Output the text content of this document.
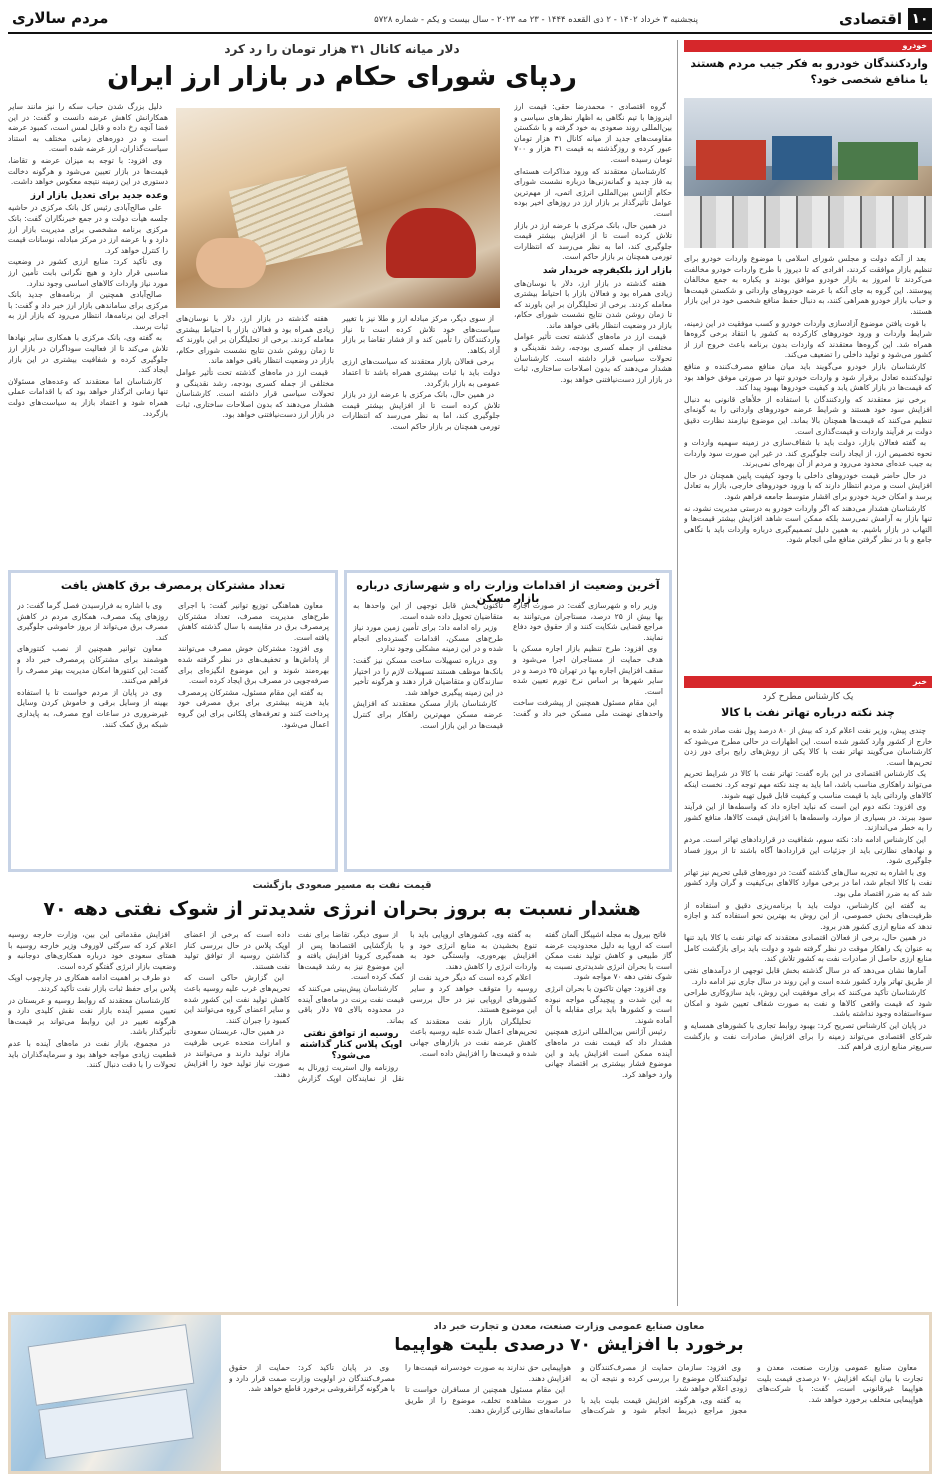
۱۰
اقتصادی
پنجشنبه ۳ خرداد ۱۴۰۲ - ۲ ذی القعده ۱۴۴۴ - ۲۳ مه ۲۰۲۳ - سال بیست و یکم - شماره ۵۷۲۸
مردم سالاری
خودرو
واردکنندگان خودرو به فکر جیب مردم هستند یا منافع شخصی خود؟

بعد از آنکه دولت و مجلس شورای اسلامی با موضوع واردات خودرو برای تنظیم بازار موافقت کردند، افرادی که تا دیروز با طرح واردات خودرو مخالفت می‌کردند تا امروز به بازار خودرو موافق بودند و یکباره به جمع مخالفان پیوستند. این گروه به جای آنکه با عرضه خودروهای وارداتی و شکستن قیمت‌ها و حباب بازار خودرو همراهی کنند، به دنبال حفظ منافع شخصی خود در این بازار هستند.

با قوت یافتن موضوع آزادسازی واردات خودرو و کسب موفقیت در این زمینه، شرایط واردات و ورود خودروهای کارکرده به کشور با انتقاد برخی گروه‌ها همراه شد. این گروه‌ها معتقدند که واردات بدون برنامه باعث خروج ارز از کشور می‌شود و تولید داخلی را تضعیف می‌کند.

کارشناسان بازار خودرو می‌گویند باید میان منافع مصرف‌کننده و منافع تولیدکننده تعادل برقرار شود و واردات خودرو تنها در صورتی موفق خواهد بود که قیمت‌ها در بازار کاهش یابد و کیفیت خودروها بهبود پیدا کند.

برخی نیز معتقدند که واردکنندگان با استفاده از خلأهای قانونی به دنبال افزایش سود خود هستند و شرایط عرضه خودروهای وارداتی را به گونه‌ای تنظیم می‌کنند که قیمت‌ها همچنان بالا بماند. این موضوع نیازمند نظارت دقیق دولت بر فرآیند واردات و قیمت‌گذاری است.

به گفته فعالان بازار، دولت باید با شفاف‌سازی در زمینه سهمیه واردات و نحوه تخصیص ارز، از ایجاد رانت جلوگیری کند. در غیر این صورت سود واردات به جیب عده‌ای محدود می‌رود و مردم از آن بهره‌ای نمی‌برند.

در حال حاضر قیمت خودروهای داخلی با وجود کیفیت پایین همچنان در حال افزایش است و مردم انتظار دارند که با ورود خودروهای خارجی، بازار به تعادل برسد و امکان خرید خودرو برای اقشار متوسط جامعه فراهم شود.

کارشناسان هشدار می‌دهند که اگر واردات خودرو به درستی مدیریت نشود، نه تنها بازار به آرامش نمی‌رسد بلکه ممکن است شاهد افزایش بیشتر قیمت‌ها و التهاب در بازار باشیم. به همین دلیل تصمیم‌گیری درباره واردات باید با نگاهی جامع و با در نظر گرفتن منافع ملی انجام شود.

خبر
یک کارشناس مطرح کرد
چند نکته درباره تهاتر نفت با کالا

چندی پیش، وزیر نفت اعلام کرد که بیش از ۸۰ درصد پول نفت صادر شده به خارج از کشور وارد کشور شده است. این اظهارات در حالی مطرح می‌شود که کارشناسان می‌گویند تهاتر نفت با کالا یکی از روش‌های رایج برای دور زدن تحریم‌ها است.

یک کارشناس اقتصادی در این باره گفت: تهاتر نفت با کالا در شرایط تحریم می‌تواند راهکاری مناسب باشد، اما باید به چند نکته مهم توجه کرد. نخست اینکه کالاهای وارداتی باید با قیمت مناسب و کیفیت قابل قبول تهیه شوند.

وی افزود: نکته دوم این است که نباید اجازه داد که واسطه‌ها از این فرآیند سود ببرند. در بسیاری از موارد، واسطه‌ها با افزایش قیمت کالاها، منافع کشور را به خطر می‌اندازند.

این کارشناس ادامه داد: نکته سوم، شفافیت در قراردادهای تهاتر است. مردم و نهادهای نظارتی باید از جزئیات این قراردادها آگاه باشند تا از بروز فساد جلوگیری شود.

وی با اشاره به تجربه سال‌های گذشته گفت: در دوره‌های قبلی تحریم نیز تهاتر نفت با کالا انجام شد، اما در برخی موارد کالاهای بی‌کیفیت و گران وارد کشور شد که به ضرر اقتصاد ملی بود.

به گفته این کارشناس، دولت باید با برنامه‌ریزی دقیق و استفاده از ظرفیت‌های بخش خصوصی، از این روش به بهترین نحو استفاده کند و اجازه ندهد که منابع ارزی کشور هدر برود.

در همین حال، برخی از فعالان اقتصادی معتقدند که تهاتر نفت با کالا باید تنها به عنوان یک راهکار موقت در نظر گرفته شود و دولت باید برای بازگشت کامل منابع ارزی حاصل از صادرات نفت به کشور تلاش کند.

آمارها نشان می‌دهد که در سال گذشته بخش قابل توجهی از درآمدهای نفتی از طریق تهاتر وارد کشور شده است و این روند در سال جاری نیز ادامه دارد.

کارشناسان تأکید می‌کنند که برای موفقیت این روش، باید سازوکاری طراحی شود که قیمت واقعی کالاها و نفت به صورت شفاف تعیین شود و امکان سوءاستفاده وجود نداشته باشد.

در پایان این کارشناس تصریح کرد: بهبود روابط تجاری با کشورهای همسایه و شرکای اقتصادی می‌تواند زمینه را برای افزایش صادرات نفت و بازگشت سریع‌تر منابع ارزی فراهم کند.

دلار میانه کانال ۳۱ هزار تومان را رد کرد
ردپای شورای حکام در بازار ارز ایران

گروه اقتصادی - محمدرضا حقی: قیمت ارز اینروزها با تیم نگاهی به اظهار نظرهای سیاسی و بین‌المللی روند صعودی به خود گرفته و با شکستن مقاومت‌های جدید از میانه کانال ۳۱ هزار تومان عبور کرده و روزگذشته به قیمت ۳۱ هزار و ۷۰۰ تومان رسیده است.

کارشناسان معتقدند که ورود مذاکرات هسته‌ای به فاز جدید و گمانه‌زنی‌ها درباره نشست شورای حکام آژانس بین‌المللی انرژی اتمی، از مهم‌ترین عوامل تأثیرگذار بر بازار ارز در روزهای اخیر بوده است.

در همین حال، بانک مرکزی با عرضه ارز در بازار تلاش کرده است تا از افزایش بیشتر قیمت جلوگیری کند، اما به نظر می‌رسد که انتظارات تورمی همچنان بر بازار حاکم است.

بازار ارز بلکیفرچه خریدار شد

هفته گذشته در بازار ارز، دلار با نوسان‌های زیادی همراه بود و فعالان بازار با احتیاط بیشتری معامله کردند. برخی از تحلیلگران بر این باورند که تا زمان روشن شدن نتایج نشست شورای حکام، بازار در وضعیت انتظار باقی خواهد ماند.

قیمت ارز در ماه‌های گذشته تحت تأثیر عوامل مختلفی از جمله کسری بودجه، رشد نقدینگی و تحولات سیاسی قرار داشته است. کارشناسان هشدار می‌دهند که بدون اصلاحات ساختاری، ثبات در بازار ارز دست‌نیافتنی خواهد بود.

از سوی دیگر، مرکز مبادله ارز و طلا نیز با تغییر سیاست‌های خود تلاش کرده است تا نیاز واردکنندگان را تأمین کند و از فشار تقاضا بر بازار آزاد بکاهد.

برخی فعالان بازار معتقدند که سیاست‌های ارزی دولت باید با ثبات بیشتری همراه باشد تا اعتماد عمومی به بازار بازگردد.

در همین حال، بانک مرکزی با عرضه ارز در بازار تلاش کرده است تا از افزایش بیشتر قیمت جلوگیری کند، اما به نظر می‌رسد که انتظارات تورمی همچنان بر بازار حاکم است.

هفته گذشته در بازار ارز، دلار با نوسان‌های زیادی همراه بود و فعالان بازار با احتیاط بیشتری معامله کردند. برخی از تحلیلگران بر این باورند که تا زمان روشن شدن نتایج نشست شورای حکام، بازار در وضعیت انتظار باقی خواهد ماند.

قیمت ارز در ماه‌های گذشته تحت تأثیر عوامل مختلفی از جمله کسری بودجه، رشد نقدینگی و تحولات سیاسی قرار داشته است. کارشناسان هشدار می‌دهند که بدون اصلاحات ساختاری، ثبات در بازار ارز دست‌نیافتنی خواهد بود.

دلیل بزرگ شدن حباب سکه را نیز مانند سایر همکارانش کاهش عرضه دانست و گفت: در این فضا آنچه رخ داده و قابل لمس است، کمبود عرضه است و در دوره‌های زمانی مختلف به استناد سیاست‌گذاران، ارز عرضه شده است.

وی افزود: با توجه به میزان عرضه و تقاضا، قیمت‌ها در بازار تعیین می‌شود و هرگونه دخالت دستوری در این زمینه نتیجه معکوس خواهد داشت.

وعده جدید برای تعدیل بازار ارز

علی صالح‌آبادی رئیس کل بانک مرکزی در حاشیه جلسه هیأت دولت و در جمع خبرنگاران گفت: بانک مرکزی برنامه مشخصی برای مدیریت بازار ارز دارد و با عرضه ارز در مرکز مبادله، نوسانات قیمت را کنترل خواهد کرد.

وی تأکید کرد: منابع ارزی کشور در وضعیت مناسبی قرار دارد و هیچ نگرانی بابت تأمین ارز مورد نیاز واردات کالاهای اساسی وجود ندارد.

صالح‌آبادی همچنین از برنامه‌های جدید بانک مرکزی برای ساماندهی بازار ارز خبر داد و گفت: با اجرای این برنامه‌ها، انتظار می‌رود که بازار ارز به ثبات برسد.

به گفته وی، بانک مرکزی با همکاری سایر نهادها تلاش می‌کند تا از فعالیت سوداگران در بازار ارز جلوگیری کرده و شفافیت بیشتری در این بازار ایجاد کند.

کارشناسان اما معتقدند که وعده‌های مسئولان تنها زمانی اثرگذار خواهد بود که با اقدامات عملی همراه شود و اعتماد بازار به سیاست‌های دولت بازگردد.

آخرین وضعیت از اقدامات وزارت راه و شهرسازی درباره بازار مسکن

وزیر راه و شهرسازی گفت: در صورت اجاره بها بیش از ۲۵ درصد، مستاجران می‌توانند به مراجع قضایی شکایت کنند و از حقوق خود دفاع نمایند.

وی افزود: طرح تنظیم بازار اجاره مسکن با هدف حمایت از مستاجران اجرا می‌شود و سقف افزایش اجاره بها در تهران ۲۵ درصد و در سایر شهرها بر اساس نرخ تورم تعیین شده است.

این مقام مسئول همچنین از پیشرفت ساخت واحدهای نهضت ملی مسکن خبر داد و گفت: تاکنون بخش قابل توجهی از این واحدها به متقاضیان تحویل داده شده است.

وزیر راه ادامه داد: برای تأمین زمین مورد نیاز طرح‌های مسکن، اقدامات گسترده‌ای انجام شده و در این زمینه مشکلی وجود ندارد.

وی درباره تسهیلات ساخت مسکن نیز گفت: بانک‌ها موظف هستند تسهیلات لازم را در اختیار سازندگان و متقاضیان قرار دهند و هرگونه تأخیر در این زمینه پیگیری خواهد شد.

کارشناسان بازار مسکن معتقدند که افزایش عرضه مسکن مهم‌ترین راهکار برای کنترل قیمت‌ها در این بازار است.

تعداد مشترکان پرمصرف برق کاهش یافت

معاون هماهنگی توزیع توانیر گفت: با اجرای طرح‌های مدیریت مصرف، تعداد مشترکان پرمصرف برق در مقایسه با سال گذشته کاهش یافته است.

وی افزود: مشترکان خوش مصرف می‌توانند از پاداش‌ها و تخفیف‌های در نظر گرفته شده بهره‌مند شوند و این موضوع انگیزه‌ای برای صرفه‌جویی در مصرف برق ایجاد کرده است.

به گفته این مقام مسئول، مشترکان پرمصرف باید هزینه بیشتری برای برق مصرفی خود پرداخت کنند و تعرفه‌های پلکانی برای این گروه اعمال می‌شود.

وی با اشاره به فرارسیدن فصل گرما گفت: در روزهای پیک مصرف، همکاری مردم در کاهش مصرف برق می‌تواند از بروز خاموشی جلوگیری کند.

معاون توانیر همچنین از نصب کنتورهای هوشمند برای مشترکان پرمصرف خبر داد و گفت: این کنتورها امکان مدیریت بهتر مصرف را فراهم می‌کنند.

وی در پایان از مردم خواست تا با استفاده بهینه از وسایل برقی و خاموش کردن وسایل غیرضروری در ساعات اوج مصرف، به پایداری شبکه برق کمک کنند.

قیمت نفت به مسیر صعودی بازگشت
هشدار نسبت به بروز بحران انرژی شدیدتر از شوک نفتی دهه ۷۰

فاتح بیرول به مجله اشپیگل آلمان گفته است که اروپا به دلیل محدودیت عرضه گاز طبیعی و کاهش تولید نفت ممکن است با بحران انرژی شدیدتری نسبت به شوک نفتی دهه ۷۰ مواجه شود.

وی افزود: جهان تاکنون با بحران انرژی به این شدت و پیچیدگی مواجه نبوده است و کشورها باید برای مقابله با آن آماده شوند.

رئیس آژانس بین‌المللی انرژی همچنین هشدار داد که قیمت نفت در ماه‌های آینده ممکن است افزایش یابد و این موضوع فشار بیشتری بر اقتصاد جهانی وارد خواهد کرد.

به گفته وی، کشورهای اروپایی باید با تنوع بخشیدن به منابع انرژی خود و افزایش بهره‌وری، وابستگی خود به واردات انرژی را کاهش دهند.

اعلام کرده است که دیگر خرید نفت از روسیه را متوقف خواهد کرد و سایر کشورهای اروپایی نیز در حال بررسی این موضوع هستند.

تحلیلگران بازار نفت معتقدند که تحریم‌های اعمال شده علیه روسیه باعث کاهش عرضه نفت در بازارهای جهانی شده و قیمت‌ها را افزایش داده است.

از سوی دیگر، تقاضا برای نفت با بازگشایی اقتصادها پس از همه‌گیری کرونا افزایش یافته و این موضوع نیز به رشد قیمت‌ها کمک کرده است.

کارشناسان پیش‌بینی می‌کنند که قیمت نفت برنت در ماه‌های آینده در محدوده بالای ۷۵ دلار باقی بماند.

روسیه از توافق نفتی اوپک پلاس کنار گذاشته می‌شود؟

روزنامه وال استریت ژورنال به نقل از نمایندگان اوپک گزارش داده است که برخی از اعضای اوپک پلاس در حال بررسی کنار گذاشتن روسیه از توافق تولید نفت هستند.

این گزارش حاکی است که تحریم‌های غرب علیه روسیه باعث کاهش تولید نفت این کشور شده و سایر اعضای گروه می‌توانند این کمبود را جبران کنند.

در همین حال، عربستان سعودی و امارات متحده عربی ظرفیت مازاد تولید دارند و می‌توانند در صورت نیاز تولید خود را افزایش دهند.

افزایش مقدماتی این بین، وزارت خارجه روسیه اعلام کرد که سرگئی لاوروف وزیر خارجه روسیه با همتای سعودی خود درباره همکاری‌های دوجانبه و وضعیت بازار انرژی گفتگو کرده است.

دو طرف بر اهمیت ادامه همکاری در چارچوب اوپک پلاس برای حفظ ثبات بازار نفت تأکید کردند.

کارشناسان معتقدند که روابط روسیه و عربستان در تعیین مسیر آینده بازار نفت نقش کلیدی دارد و هرگونه تغییر در این روابط می‌تواند بر قیمت‌ها تأثیرگذار باشد.

در مجموع، بازار نفت در ماه‌های آینده با عدم قطعیت زیادی مواجه خواهد بود و سرمایه‌گذاران باید تحولات را با دقت دنبال کنند.

معاون صنایع عمومی وزارت صنعت، معدن و تجارت خبر داد
برخورد با افزایش ۷۰ درصدی بلیت هواپیما

معاون صنایع عمومی وزارت صنعت، معدن و تجارت با بیان اینکه افزایش ۷۰ درصدی قیمت بلیت هواپیما غیرقانونی است، گفت: با شرکت‌های هواپیمایی متخلف برخورد خواهد شد.

وی افزود: سازمان حمایت از مصرف‌کنندگان و تولیدکنندگان موضوع را بررسی کرده و نتیجه آن به زودی اعلام خواهد شد.

به گفته وی، هرگونه افزایش قیمت بلیت باید با مجوز مراجع ذیربط انجام شود و شرکت‌های هواپیمایی حق ندارند به صورت خودسرانه قیمت‌ها را افزایش دهند.

این مقام مسئول همچنین از مسافران خواست تا در صورت مشاهده تخلف، موضوع را از طریق سامانه‌های نظارتی گزارش دهند.

وی در پایان تأکید کرد: حمایت از حقوق مصرف‌کنندگان در اولویت وزارت صمت قرار دارد و با هرگونه گرانفروشی برخورد قاطع خواهد شد.
